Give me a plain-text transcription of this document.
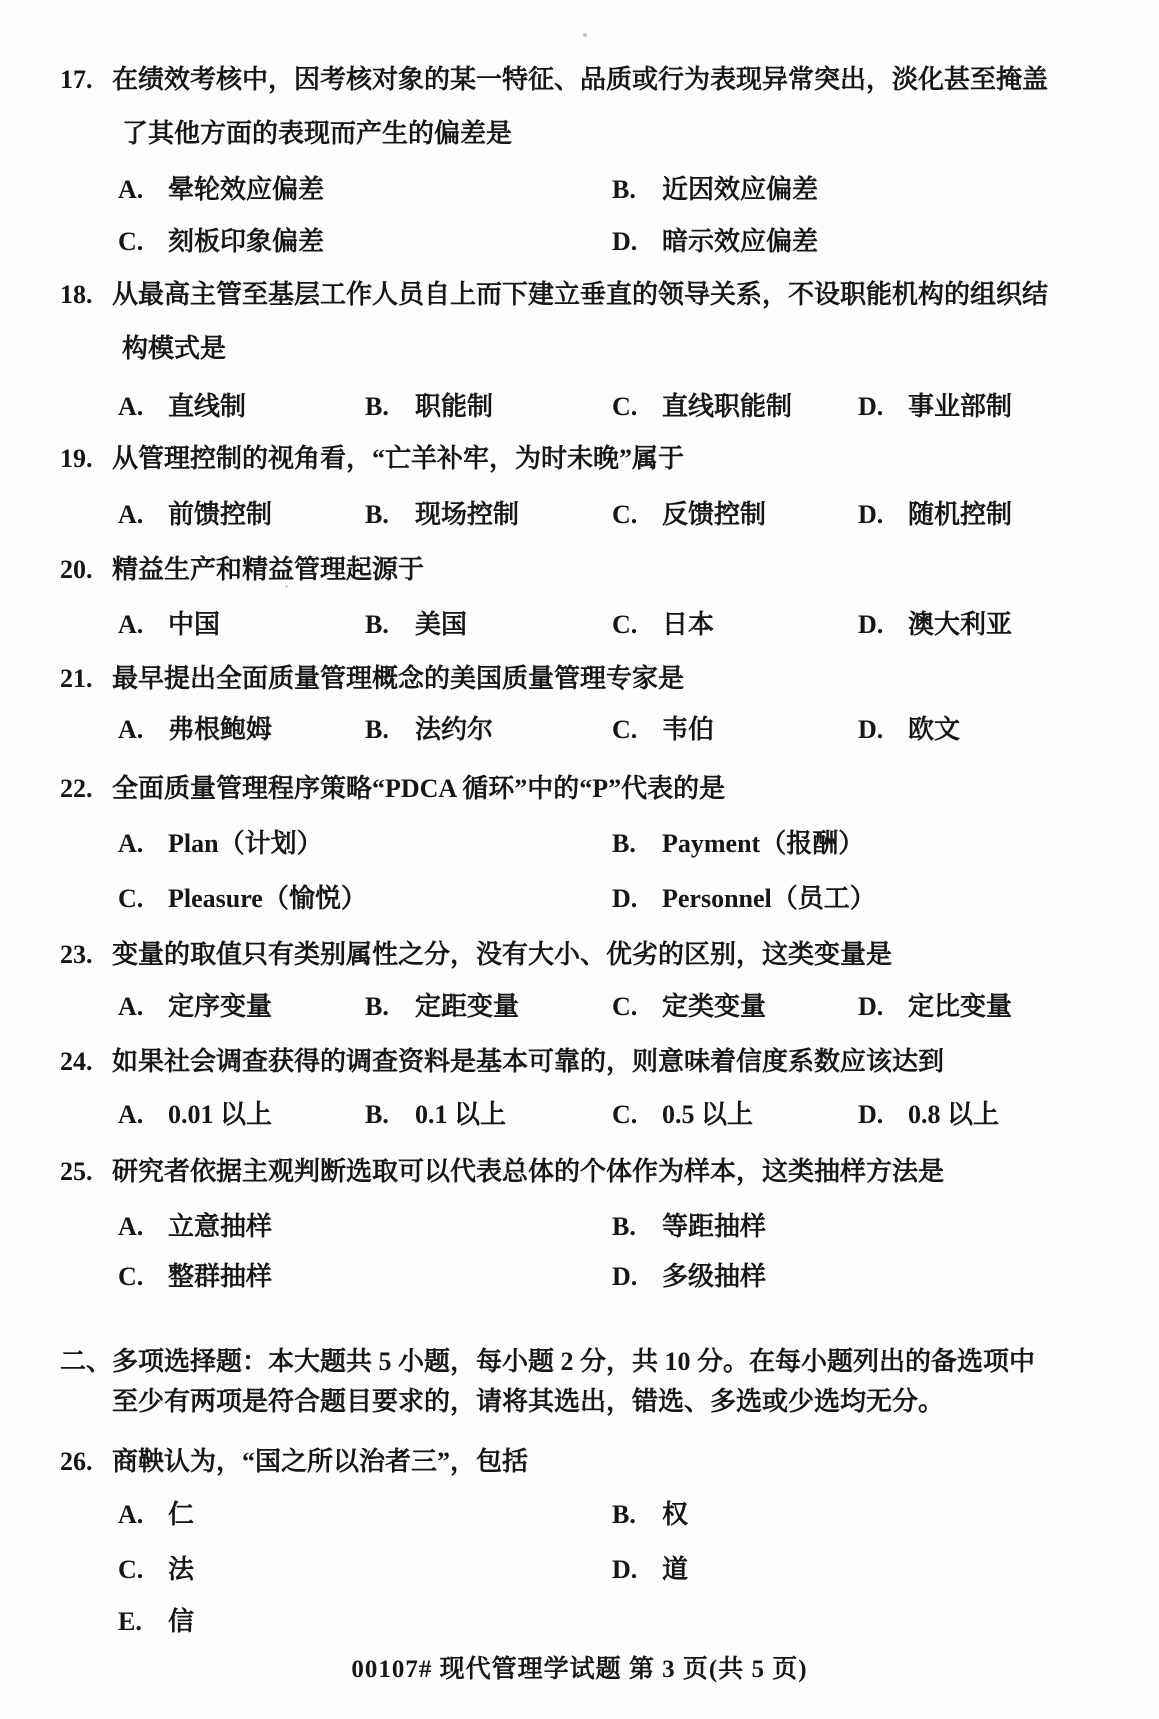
17. 在绩效考核中，因考核对象的某一特征、品质或行为表现异常突出，淡化甚至掩盖
了其他方面的表现而产生的偏差是
A. 晕轮效应偏差	B. 近因效应偏差
C. 刻板印象偏差	D. 暗示效应偏差
18. 从最高主管至基层工作人员自上而下建立垂直的领导关系，不设职能机构的组织结
构模式是
A. 直线制	B. 职能制	C. 直线职能制	D. 事业部制
19. 从管理控制的视角看，“亡羊补牢，为时未晚”属于
A. 前馈控制	B. 现场控制	C. 反馈控制	D. 随机控制
20. 精益生产和精益管理起源于
A. 中国	B. 美国	C. 日本	D. 澳大利亚
21. 最早提出全面质量管理概念的美国质量管理专家是
A. 弗根鲍姆	B. 法约尔	C. 韦伯	D. 欧文
22. 全面质量管理程序策略“PDCA 循环”中的“P”代表的是
A. Plan（计划）	B. Payment（报酬）
C. Pleasure（愉悦）	D. Personnel（员工）
23. 变量的取值只有类别属性之分，没有大小、优劣的区别，这类变量是
A. 定序变量	B. 定距变量	C. 定类变量	D. 定比变量
24. 如果社会调查获得的调查资料是基本可靠的，则意味着信度系数应该达到
A. 0.01 以上	B. 0.1 以上	C. 0.5 以上	D. 0.8 以上
25. 研究者依据主观判断选取可以代表总体的个体作为样本，这类抽样方法是
A. 立意抽样	B. 等距抽样
C. 整群抽样	D. 多级抽样
二、多项选择题：本大题共 5 小题，每小题 2 分，共 10 分。在每小题列出的备选项中
至少有两项是符合题目要求的，请将其选出，错选、多选或少选均无分。
26. 商鞅认为，“国之所以治者三”，包括
A. 仁	B. 权
C. 法	D. 道
E. 信
00107# 现代管理学试题 第 3 页(共 5 页)
